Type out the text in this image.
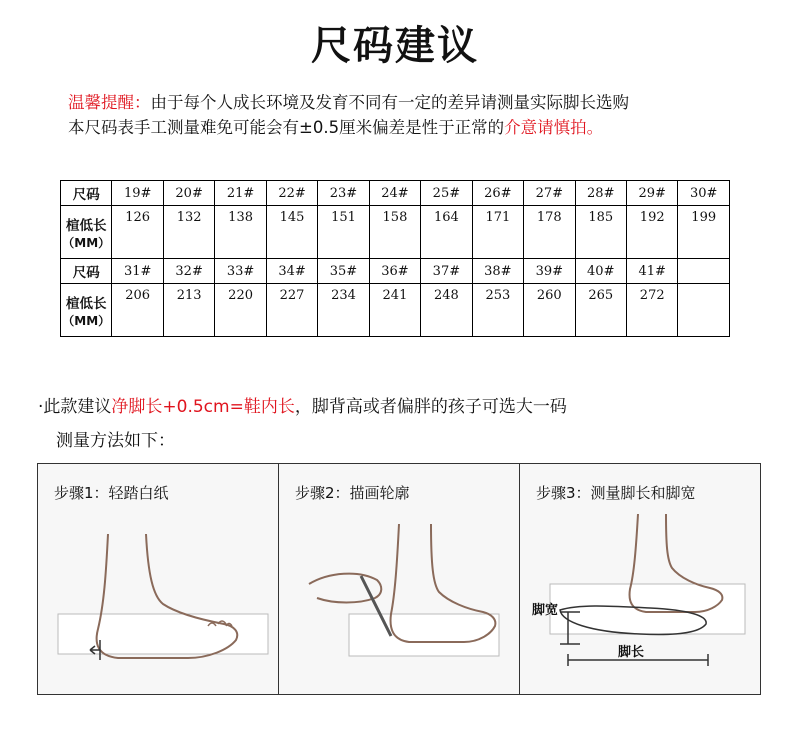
尺码建议
温馨提醒：由于每个人成长环境及发育不同有一定的差异请测量实际脚长选购
本尺码表手工测量难免可能会有±0.5厘米偏差是性于正常的介意请慎拍。
尺码	19#	20#	21#	22#	23#	24#	25#	26#	27#	28#	29#	30#
楦低长
（MM）	126	132	138	145	151	158	164	171	178	185	192	199
尺码	31#	32#	33#	34#	35#	36#	37#	38#	39#	40#	41#	
楦低长
（MM）	206	213	220	227	234	241	248	253	260	265	272	
·此款建议净脚长+0.5cm=鞋内长，脚背高或者偏胖的孩子可选大一码
测量方法如下：
步骤1：轻踏白纸	步骤2：描画轮廓
脚宽
脚长
步骤3：测量脚长和脚宽
